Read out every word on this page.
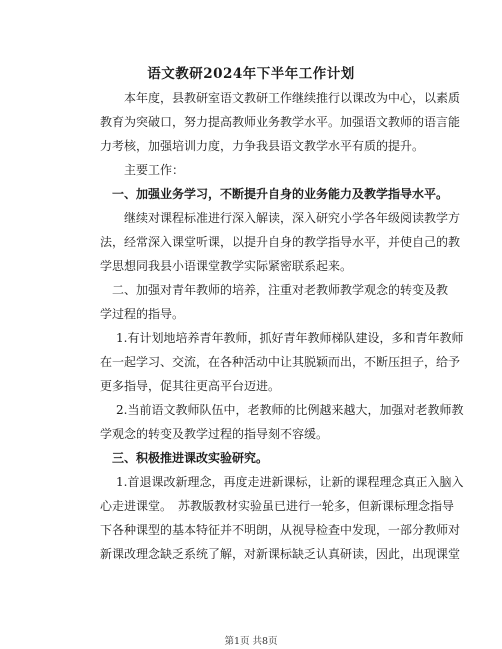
语文教研2024年下半年工作计划
本年度，县教研室语文教研工作继续推行以课改为中心，以素质
教育为突破口，努力提高教师业务教学水平。加强语文教师的语言能
力考核，加强培训力度，力争我县语文教学水平有质的提升。
主要工作：
一、加强业务学习，不断提升自身的业务能力及教学指导水平。
继续对课程标准进行深入解读，深入研究小学各年级阅读教学方
法，经常深入课堂听课，以提升自身的教学指导水平，并使自己的教
学思想同我县小语课堂教学实际紧密联系起来。
二、加强对青年教师的培养，注重对老教师教学观念的转变及教
学过程的指导。
1.有计划地培养青年教师，抓好青年教师梯队建设，多和青年教师
在一起学习、交流，在各种活动中让其脱颖而出，不断压担子，给予
更多指导，促其往更高平台迈进。
2.当前语文教师队伍中，老教师的比例越来越大，加强对老教师教
学观念的转变及教学过程的指导刻不容缓。
三、积极推进课改实验研究。
1.首退课改新理念，再度走进新课标，让新的课程理念真正入脑入
心走进课堂。　苏教版教材实验虽已进行一轮多，但新课标理念指导
下各种课型的基本特征并不明朗，从视导检查中发现，一部分教师对
新课改理念缺乏系统了解，对新课标缺乏认真研读，因此，出现课堂
第1页 共8页
